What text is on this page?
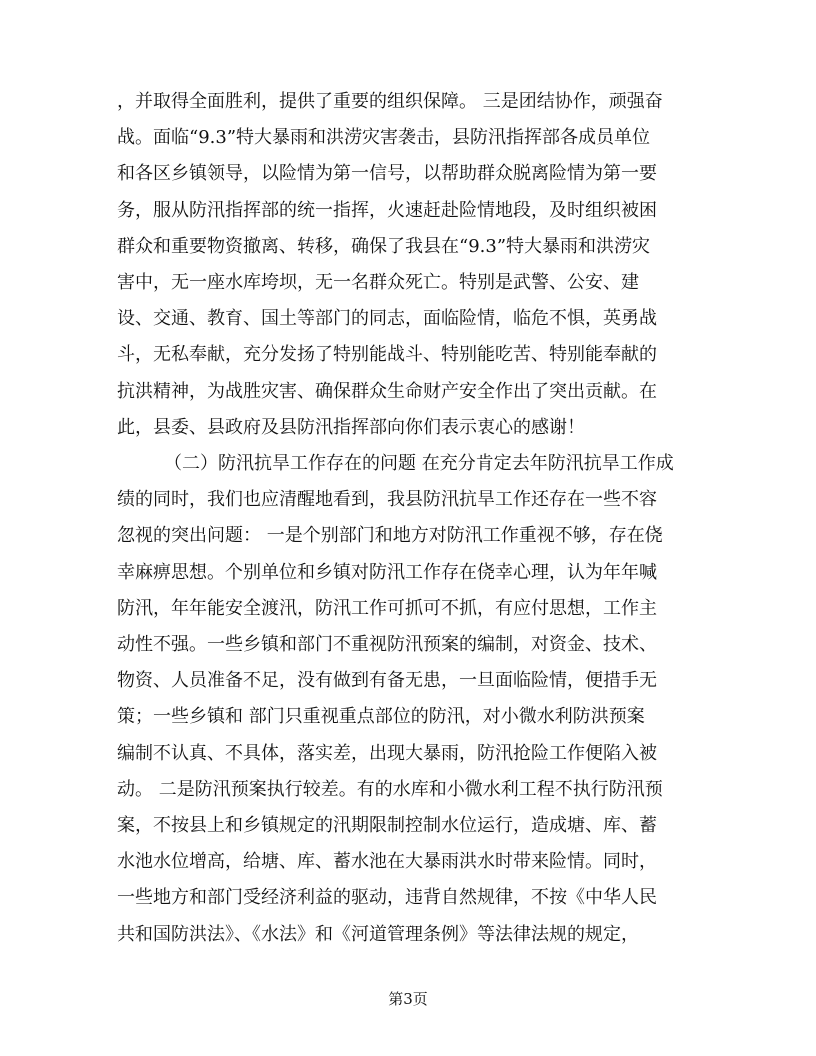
，并取得全面胜利，提供了重要的组织保障。 三是团结协作，顽强奋
战。面临“9.3”特大暴雨和洪涝灾害袭击，县防汛指挥部各成员单位
和各区乡镇领导，以险情为第一信号，以帮助群众脱离险情为第一要
务，服从防汛指挥部的统一指挥，火速赶赴险情地段，及时组织被困
群众和重要物资撤离、转移，确保了我县在“9.3”特大暴雨和洪涝灾
害中，无一座水库垮坝，无一名群众死亡。特别是武警、公安、建
设、交通、教育、国土等部门的同志，面临险情，临危不惧，英勇战
斗，无私奉献，充分发扬了特别能战斗、特别能吃苦、特别能奉献的
抗洪精神，为战胜灾害、确保群众生命财产安全作出了突出贡献。在
此，县委、县政府及县防汛指挥部向你们表示衷心的感谢！
（二）防汛抗旱工作存在的问题 在充分肯定去年防汛抗旱工作成
绩的同时，我们也应清醒地看到，我县防汛抗旱工作还存在一些不容
忽视的突出问题： 一是个别部门和地方对防汛工作重视不够，存在侥
幸麻痹思想。个别单位和乡镇对防汛工作存在侥幸心理，认为年年喊
防汛，年年能安全渡汛，防汛工作可抓可不抓，有应付思想，工作主
动性不强。一些乡镇和部门不重视防汛预案的编制，对资金、技术、
物资、人员准备不足，没有做到有备无患，一旦面临险情，便措手无
策；一些乡镇和 部门只重视重点部位的防汛，对小微水利防洪预案
编制不认真、不具体，落实差，出现大暴雨，防汛抢险工作便陷入被
动。 二是防汛预案执行较差。有的水库和小微水利工程不执行防汛预
案，不按县上和乡镇规定的汛期限制控制水位运行，造成塘、库、蓄
水池水位增高，给塘、库、蓄水池在大暴雨洪水时带来险情。同时，
一些地方和部门受经济利益的驱动，违背自然规律，不按《中华人民
共和国防洪法》、《水法》和《河道管理条例》等法律法规的规定，
第3页
